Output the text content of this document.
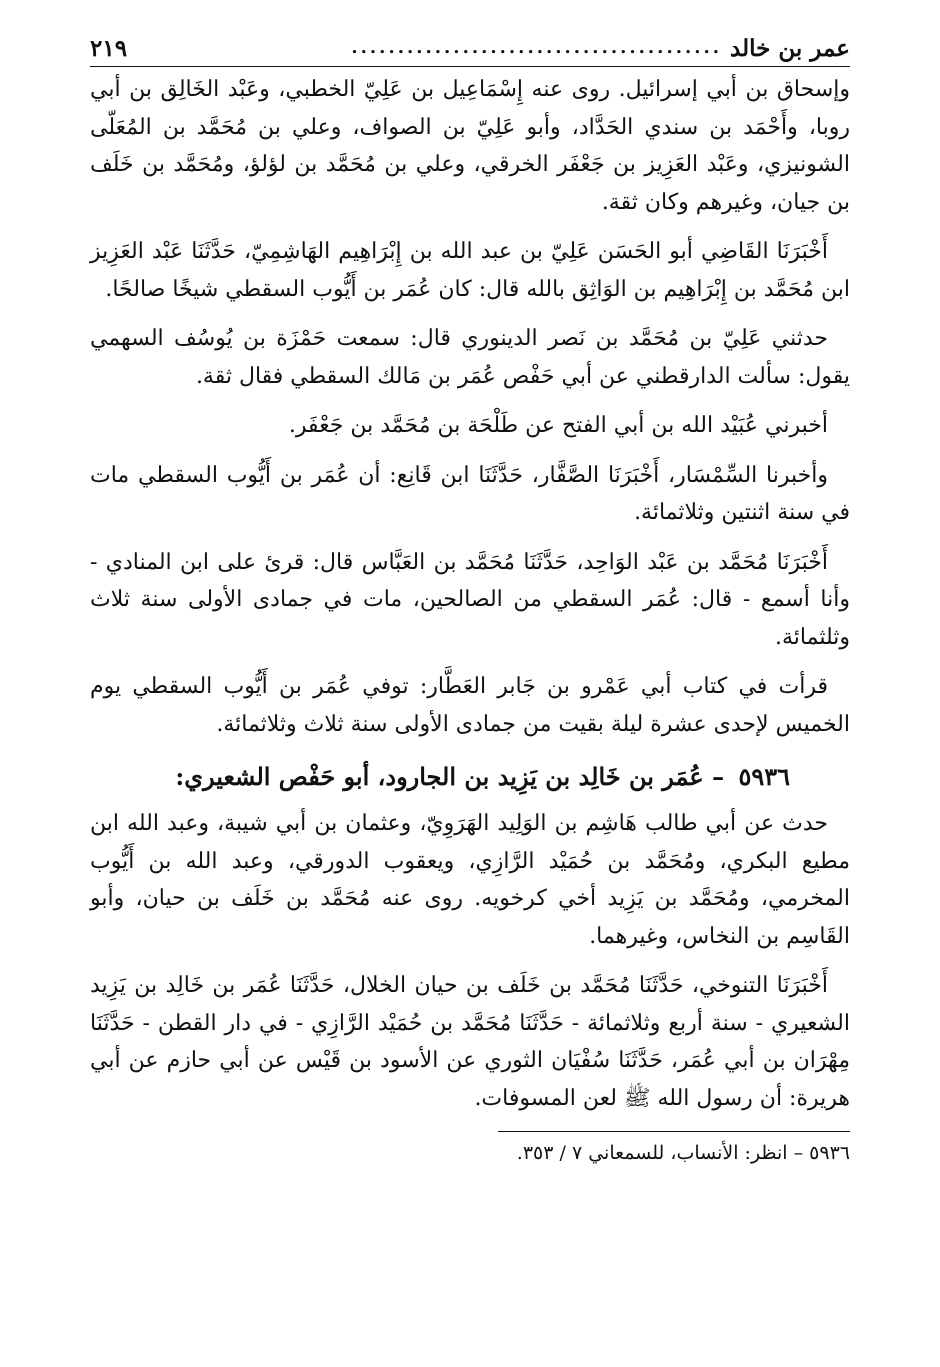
عمر بن خالد
........................................
٢١٩

وإسحاق بن أبي إسرائيل. روى عنه إِسْمَاعِيل بن عَلِيّ الخطبي، وعَبْد الخَالِق بن أبي روبا، وأَحْمَد بن سندي الحَدَّاد، وأبو عَلِيّ بن الصواف، وعلي بن مُحَمَّد بن المُعَلّى الشونيزي، وعَبْد العَزِيز بن جَعْفَر الخرقي، وعلي بن مُحَمَّد بن لؤلؤ، ومُحَمَّد بن خَلَف بن جيان، وغيرهم وكان ثقة.

أَخْبَرَنَا القَاضِي أبو الحَسَن عَلِيّ بن عبد الله بن إِبْرَاهِيم الهَاشِمِيّ، حَدَّثَنَا عَبْد العَزِيز ابن مُحَمَّد بن إِبْرَاهِيم بن الوَاثِق بالله قال: كان عُمَر بن أَيُّوب السقطي شيخًا صالحًا.

حدثني عَلِيّ بن مُحَمَّد بن نَصر الدينوري قال: سمعت حَمْزَة بن يُوسُف السهمي يقول: سألت الدارقطني عن أبي حَفْص عُمَر بن مَالك السقطي فقال ثقة.

أخبرني عُبَيْد الله بن أبي الفتح عن طَلْحَة بن مُحَمَّد بن جَعْفَر.

وأخبرنا السِّمْسَار، أَخْبَرَنَا الصَّفَّار، حَدَّثَنَا ابن قَانِع: أن عُمَر بن أَيُّوب السقطي مات في سنة اثنتين وثلاثمائة.

أَخْبَرَنَا مُحَمَّد بن عَبْد الوَاحِد، حَدَّثَنَا مُحَمَّد بن العَبَّاس قال: قرئ على ابن المنادي - وأنا أسمع - قال: عُمَر السقطي من الصالحين، مات في جمادى الأولى سنة ثلاث وثلثمائة.

قرأت في كتاب أبي عَمْرو بن جَابر العَطَّار: توفي عُمَر بن أَيُّوب السقطي يوم الخميس لإحدى عشرة ليلة بقيت من جمادى الأولى سنة ثلاث وثلاثمائة.

٥٩٣٦ – عُمَر بن خَالِد بن يَزِيد بن الجارود، أبو حَفْص الشعيري:

حدث عن أبي طالب هَاشِم بن الوَلِيد الهَرَوِيّ، وعثمان بن أبي شيبة، وعبد الله ابن مطيع البكري، ومُحَمَّد بن حُمَيْد الرَّازِي، ويعقوب الدورقي، وعبد الله بن أَيُّوب المخرمي، ومُحَمَّد بن يَزِيد أخي كرخويه. روى عنه مُحَمَّد بن خَلَف بن حيان، وأبو القَاسِم بن النخاس، وغيرهما.

أَخْبَرَنَا التنوخي، حَدَّثَنَا مُحَمَّد بن خَلَف بن حيان الخلال، حَدَّثَنَا عُمَر بن خَالِد بن يَزِيد الشعيري - سنة أربع وثلاثمائة - حَدَّثَنَا مُحَمَّد بن حُمَيْد الرَّازِي - في دار القطن - حَدَّثَنَا مِهْرَان بن أبي عُمَر، حَدَّثَنَا سُفْيَان الثوري عن الأسود بن قَيْس عن أبي حازم عن أبي هريرة: أن رسول الله ﷺ لعن المسوفات.

٥٩٣٦ – انظر: الأنساب، للسمعاني ٧ / ٣٥٣.
